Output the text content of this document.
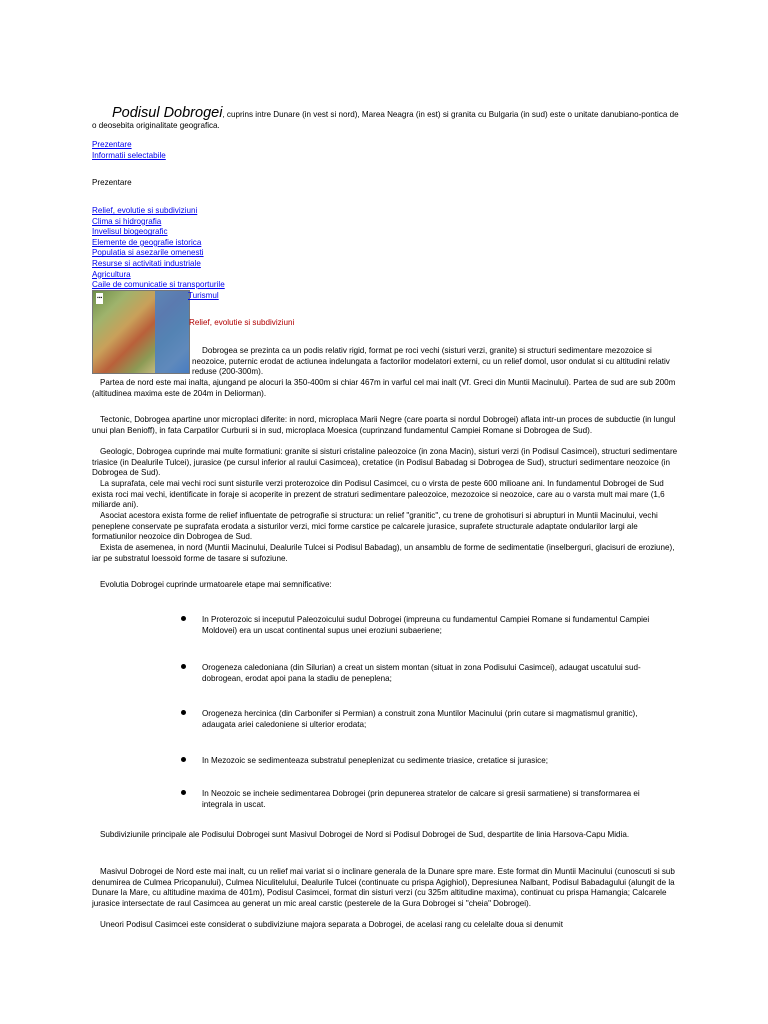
Podisul Dobrogei, cuprins intre Dunare (in vest si nord), Marea Neagra (in est) si granita cu Bulgaria (in sud) este o unitate danubiano-pontica de o deosebita originalitate geografica.
Prezentare
Informatii selectabile
Prezentare
Relief, evolutie si subdiviziuni
Clima si hidrografia
Invelisul biogeografic
Elemente de geografie istorica
Populatia si asezarile omenesti
Resurse si activitati industriale
Agricultura
Caile de comunicatie si transporturile
▪▪▪	Turismul
Relief, evolutie si subdiviziuni
Dobrogea se prezinta ca un podis relativ rigid, format pe roci vechi (sisturi verzi, granite) si structuri sedimentare mezozoice si neozoice, puternic erodat de actiunea indelungata a factorilor modelatori externi, cu un relief domol, usor ondulat si cu altitudini relativ reduse (200-300m).
Partea de nord este mai inalta, ajungand pe alocuri la 350-400m si chiar 467m in varful cel mai inalt (Vf. Greci din Muntii Macinului). Partea de sud are sub 200m (altitudinea maxima este de 204m in Deliorman).
Tectonic, Dobrogea apartine unor microplaci diferite: in nord, microplaca Marii Negre (care poarta si nordul Dobrogei) aflata intr-un proces de subductie (in lungul unui plan Benioff), in fata Carpatilor Curburii si in sud, microplaca Moesica (cuprinzand fundamentul Campiei Romane si Dobrogea de Sud).
Geologic, Dobrogea cuprinde mai multe formatiuni: granite si sisturi cristaline paleozoice (in zona Macin), sisturi verzi (in Podisul Casimcei), structuri sedimentare triasice (in Dealurile Tulcei), jurasice (pe cursul inferior al raului Casimcea), cretatice (in Podisul Babadag si Dobrogea de Sud), structuri sedimentare neozoice (in Dobrogea de Sud).
La suprafata, cele mai vechi roci sunt sisturile verzi proterozoice din Podisul Casimcei, cu o virsta de peste 600 milioane ani. In fundamentul Dobrogei de Sud exista roci mai vechi, identificate in foraje si acoperite in prezent de straturi sedimentare paleozoice, mezozoice si neozoice, care au o varsta mult mai mare (1,6 miliarde ani).
Asociat acestora exista forme de relief influentate de petrografie si structura: un relief "granitic", cu trene de grohotisuri si abrupturi in Muntii Macinului, vechi peneplene conservate pe suprafata erodata a sisturilor verzi, mici forme carstice pe calcarele jurasice, suprafete structurale adaptate ondularilor largi ale formatiunilor neozoice din Dobrogea de Sud.
Exista de asemenea, in nord (Muntii Macinului, Dealurile Tulcei si Podisul Babadag), un ansamblu de forme de sedimentatie (inselberguri, glacisuri de eroziune), iar pe substratul loessoid forme de tasare si sufoziune.
Evolutia Dobrogei cuprinde urmatoarele etape mai semnificative:
In Proterozoic si inceputul Paleozoicului sudul Dobrogei (impreuna cu fundamentul Campiei Romane si fundamentul Campiei Moldovei) era un uscat continental supus unei eroziuni subaeriene;
Orogeneza caledoniana (din Silurian) a creat un sistem montan (situat in zona Podisului Casimcei), adaugat uscatului sud-dobrogean, erodat apoi pana la stadiu de peneplena;
Orogeneza hercinica (din Carbonifer si Permian) a construit zona Muntilor Macinului (prin cutare si magmatismul granitic), adaugata ariei caledoniene si ulterior erodata;
In Mezozoic se sedimenteaza substratul peneplenizat cu sedimente triasice, cretatice si jurasice;
In Neozoic se incheie sedimentarea Dobrogei (prin depunerea stratelor de calcare si gresii sarmatiene) si transformarea ei integrala in uscat.
Subdiviziunile principale ale Podisului Dobrogei sunt Masivul Dobrogei de Nord si Podisul Dobrogei de Sud, despartite de linia Harsova-Capu Midia.
Masivul Dobrogei de Nord este mai inalt, cu un relief mai variat si o inclinare generala de la Dunare spre mare. Este format din Muntii Macinului (cunoscuti si sub denumirea de Culmea Pricopanului), Culmea Niculitelului, Dealurile Tulcei (continuate cu prispa Agighiol), Depresiunea Nalbant, Podisul Babadagului (alungit de la Dunare la Mare, cu altitudine maxima de 401m), Podisul Casimcei, format din sisturi verzi (cu 325m altitudine maxima), continuat cu prispa Hamangia; Calcarele jurasice intersectate de raul Casimcea au generat un mic areal carstic (pesterele de la Gura Dobrogei si "cheia" Dobrogei).
Uneori Podisul Casimcei este considerat o subdiviziune majora separata a Dobrogei, de acelasi rang cu celelalte doua si denumit
